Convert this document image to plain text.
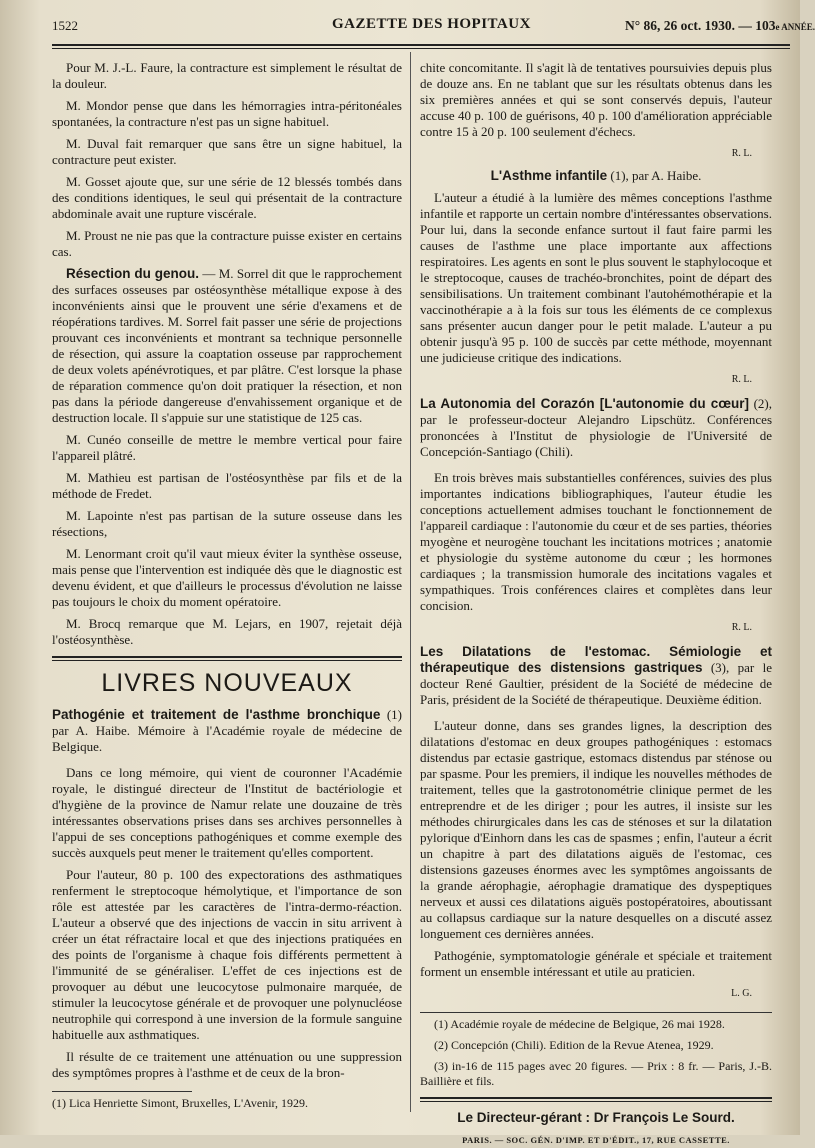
1522	GAZETTE DES HOPITAUX	N° 86, 26 oct. 1930. — 103e ANNÉE.

Pour M. J.-L. Faure, la contracture est simplement le résultat de la douleur.

M. Mondor pense que dans les hémorragies intra-péritonéales spontanées, la contracture n'est pas un signe habituel.

M. Duval fait remarquer que sans être un signe habituel, la contracture peut exister.

M. Gosset ajoute que, sur une série de 12 blessés tombés dans des conditions identiques, le seul qui présentait de la contracture abdominale avait une rupture viscérale.

M. Proust ne nie pas que la contracture puisse exister en certains cas.

Résection du genou. — M. Sorrel dit que le rapprochement des surfaces osseuses par ostéosynthèse métallique expose à des inconvénients ainsi que le prouvent une série d'examens et de réopérations tardives. M. Sorrel fait passer une série de projections prouvant ces inconvénients et montrant sa technique personnelle de résection, qui assure la coaptation osseuse par rapprochement de deux volets apénévrotiques, et par plâtre. C'est lorsque la phase de réparation commence qu'on doit pratiquer la résection, et non pas dans la période dangereuse d'envahissement organique et de destruction locale. Il s'appuie sur une statistique de 125 cas.

M. Cunéo conseille de mettre le membre vertical pour faire l'appareil plâtré.

M. Mathieu est partisan de l'ostéosynthèse par fils et de la méthode de Fredet.

M. Lapointe n'est pas partisan de la suture osseuse dans les résections,

M. Lenormant croit qu'il vaut mieux éviter la synthèse osseuse, mais pense que l'intervention est indiquée dès que le diagnostic est devenu évident, et que d'ailleurs le processus d'évolution ne laisse pas toujours le choix du moment opératoire.

M. Brocq remarque que M. Lejars, en 1907, rejetait déjà l'ostéosynthèse.

LIVRES NOUVEAUX

Pathogénie et traitement de l'asthme bronchique (1) par A. Haibe. Mémoire à l'Académie royale de médecine de Belgique.

Dans ce long mémoire, qui vient de couronner l'Académie royale, le distingué directeur de l'Institut de bactériologie et d'hygiène de la province de Namur relate une douzaine de très intéressantes observations prises dans ses archives personnelles à l'appui de ses conceptions pathogéniques et comme exemple des succès auxquels peut mener le traitement qu'elles comportent.

Pour l'auteur, 80 p. 100 des expectorations des asthmatiques renferment le streptocoque hémolytique, et l'importance de son rôle est attestée par les caractères de l'intra-dermo-réaction. L'auteur a observé que des injections de vaccin in situ arrivent à créer un état réfractaire local et que des injections pratiquées en des points de l'organisme à chaque fois différents permettent à l'immunité de se généraliser. L'effet de ces injections est de provoquer au début une leucocytose pulmonaire marquée, de stimuler la leucocytose générale et de provoquer une polynucléose neutrophile qui correspond à une inversion de la formule sanguine habituelle aux asthmatiques.

Il résulte de ce traitement une atténuation ou une suppression des symptômes propres à l'asthme et de ceux de la bron-

(1) Lica Henriette Simont, Bruxelles, L'Avenir, 1929.

chite concomitante. Il s'agit là de tentatives poursuivies depuis plus de douze ans. En ne tablant que sur les résultats obtenus dans les six premières années et qui se sont conservés depuis, l'auteur accuse 40 p. 100 de guérisons, 40 p. 100 d'amélioration appréciable contre 15 à 20 p. 100 seulement d'échecs.

R. L.

L'Asthme infantile (1), par A. Haibe.

L'auteur a étudié à la lumière des mêmes conceptions l'asthme infantile et rapporte un certain nombre d'intéressantes observations. Pour lui, dans la seconde enfance surtout il faut faire parmi les causes de l'asthme une place importante aux affections respiratoires. Les agents en sont le plus souvent le staphylocoque et le streptocoque, causes de trachéo-bronchites, point de départ des sensibilisations. Un traitement combinant l'autohémothérapie et la vaccinothérapie a à la fois sur tous les éléments de ce complexus sans présenter aucun danger pour le petit malade. L'auteur a pu obtenir jusqu'à 95 p. 100 de succès par cette méthode, moyennant une judicieuse critique des indications.

R. L.

La Autonomia del Corazón [L'autonomie du cœur] (2), par le professeur-docteur Alejandro Lipschütz. Conférences prononcées à l'Institut de physiologie de l'Université de Concepción-Santiago (Chili).

En trois brèves mais substantielles conférences, suivies des plus importantes indications bibliographiques, l'auteur étudie les conceptions actuellement admises touchant le fonctionnement de l'appareil cardiaque : l'autonomie du cœur et de ses parties, théories myogène et neurogène touchant les incitations motrices ; anatomie et physiologie du système autonome du cœur ; les hormones cardiaques ; la transmission humorale des incitations vagales et sympathiques. Trois conférences claires et complètes dans leur concision.

R. L.

Les Dilatations de l'estomac. Sémiologie et thérapeutique des distensions gastriques (3), par le docteur René Gaultier, président de la Société de médecine de Paris, président de la Société de thérapeutique. Deuxième édition.

L'auteur donne, dans ses grandes lignes, la description des dilatations d'estomac en deux groupes pathogéniques : estomacs distendus par ectasie gastrique, estomacs distendus par sténose ou par spasme. Pour les premiers, il indique les nouvelles méthodes de traitement, telles que la gastrotonométrie clinique permet de les entreprendre et de les diriger ; pour les autres, il insiste sur les méthodes chirurgicales dans les cas de sténoses et sur la dilatation pylorique d'Einhorn dans les cas de spasmes ; enfin, l'auteur a écrit un chapitre à part des dilatations aiguës de l'estomac, ces distensions gazeuses énormes avec les symptômes angoissants de la grande aérophagie, aérophagie dramatique des dyspeptiques nerveux et aussi ces dilatations aiguës postopératoires, aboutissant au collapsus cardiaque sur la nature desquelles on a discuté assez longuement ces dernières années.

Pathogénie, symptomatologie générale et spéciale et traitement forment un ensemble intéressant et utile au praticien.

L. G.

(1) Académie royale de médecine de Belgique, 26 mai 1928.

(2) Concepción (Chili). Edition de la Revue Atenea, 1929.

(3) in-16 de 115 pages avec 20 figures. — Prix : 8 fr. — Paris, J.-B. Baillière et fils.

Le Directeur-gérant : Dr François Le Sourd.
PARIS. — SOC. GÉN. D'IMP. ET D'ÉDIT., 17, RUE CASSETTE.
